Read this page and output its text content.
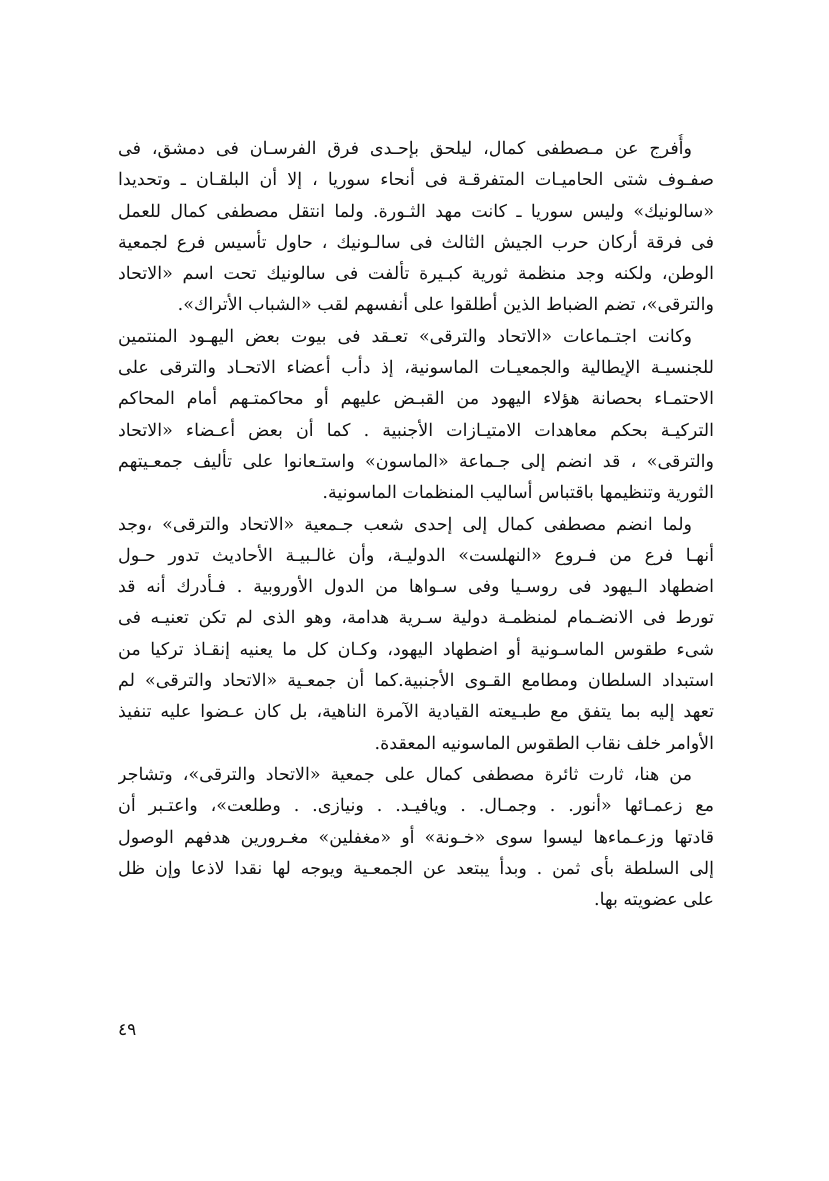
وأُفرج عن مـصطفى كمال، ليلحق بإحـدى فرق الفرسـان فى دمشق، فى
صفـوف شتى الحاميـات المتفرقـة فى أنحاء سوريا ، إلا أن البلقـان ـ وتحديدا
«سالونيك» وليس سوريا ـ كانت مهد الثـورة. ولما انتقل مصطفى كمال للعمل
فى فرقة أركان حرب الجيش الثالث فى سالـونيك ، حاول تأسيس فرع لجمعية
الوطن، ولكنه وجد منظمة ثورية كبـيرة تألفت فى سالونيك تحت اسم «الاتحاد
والترقى»، تضم الضباط الذين أطلقوا على أنفسهم لقب «الشباب الأتراك».
وكانت اجتـماعات «الاتحاد والترقى» تعـقد فى بيوت بعض اليهـود المنتمين
للجنسيـة الإيطالية والجمعيـات الماسونية، إذ دأب أعضاء الاتحـاد والترقى على
الاحتمـاء بحصانة هؤلاء اليهود من القبـض عليهم أو محاكمتـهم أمام المحاكم
التركيـة بحكم معاهدات الامتيـازات الأجنبية . كما أن بعض أعـضاء «الاتحاد
والترقى» ، قد انضم إلى جـماعة «الماسون» واستـعانوا على تأليف جمعـيتهم
الثورية وتنظيمها باقتباس أساليب المنظمات الماسونية.
ولما انضم مصطفى كمال إلى إحدى شعب جـمعية «الاتحاد والترقى» ،وجد
أنهـا فرع من فـروع «النهلست» الدوليـة، وأن غالـبيـة الأحاديث تدور حـول
اضطهاد الـيهود فى روسـيا وفى سـواها من الدول الأوروبية . فـأدرك أنه قد
تورط فى الانضـمام لمنظمـة دولية سـرية هدامة، وهو الذى لم تكن تعنيـه فى
شىء طقوس الماسـونية أو اضطهاد اليهود، وكـان كل ما يعنيه إنقـاذ تركيا من
استبداد السلطان ومطامع القـوى الأجنبية.كما أن جمعـية «الاتحاد والترقى» لم
تعهد إليه بما يتفق مع طبـيعته القيادية الآمرة الناهية، بل كان عـضوا عليه تنفيذ
الأوامر خلف نقاب الطقوس الماسونيه المعقدة.
من هنا، ثارت ثائرة مصطفى كمال على جمعية «الاتحاد والترقى»، وتشاجر
مع زعمـائها «أنور. . وجمـال. . ويافيـد. . ونيازى. . وطلعت»، واعتـبر أن
قادتها وزعـماءها ليسوا سوى «خـونة» أو «مغفلين» مغـرورين هدفهم الوصول
إلى السلطة بأى ثمن . وبدأ يبتعد عن الجمعـية ويوجه لها نقدا لاذعا وإن ظل
على عضويته بها.
٤٩
